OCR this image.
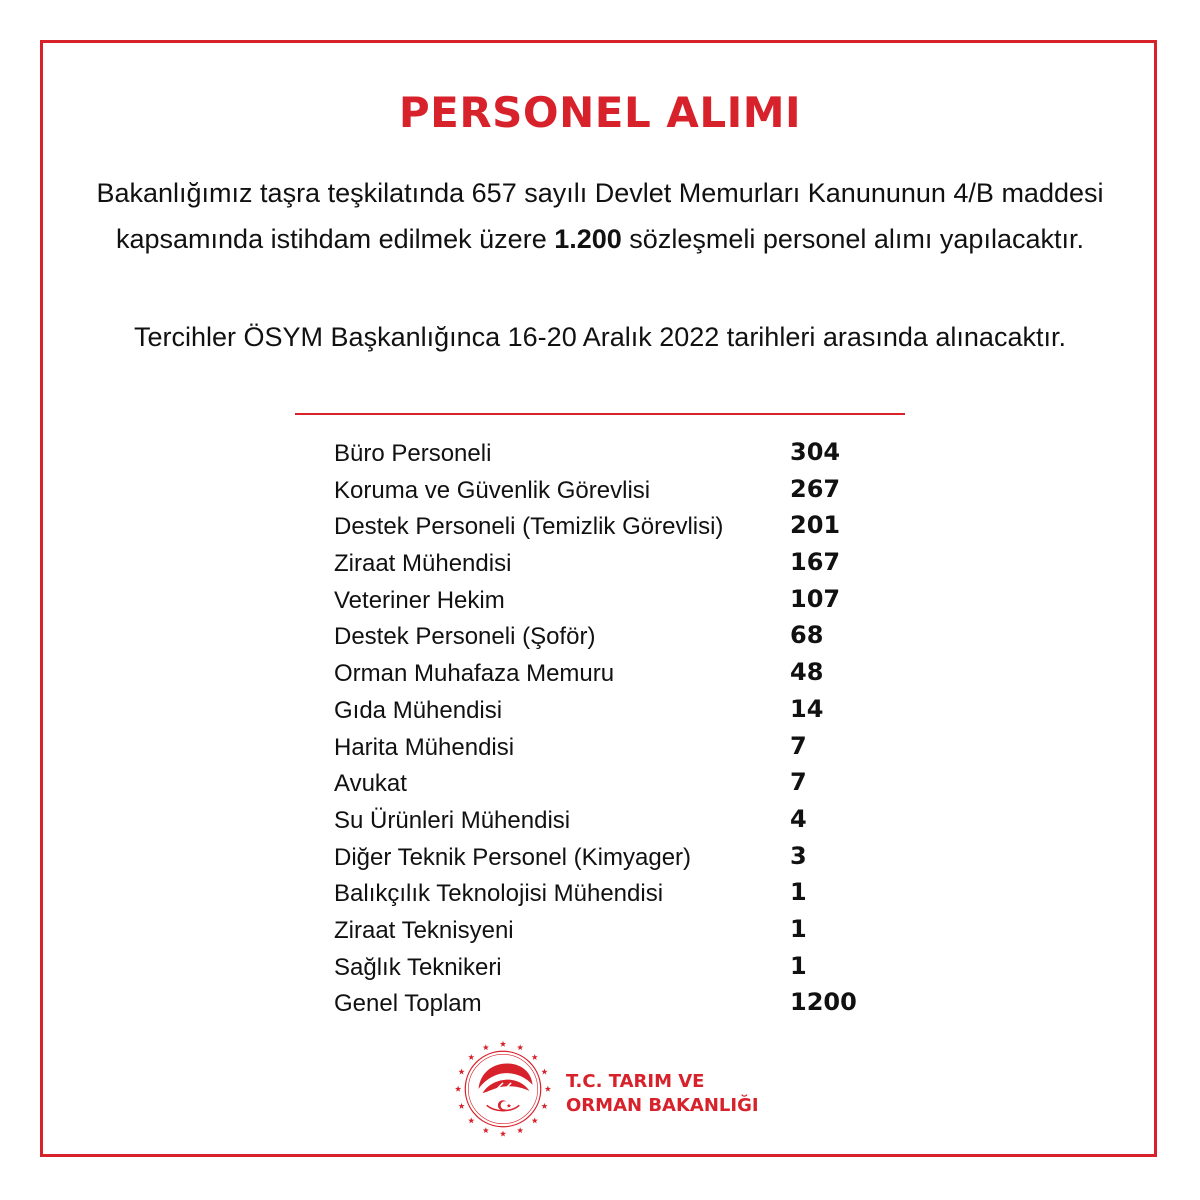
PERSONEL ALIMI
Bakanlığımız taşra teşkilatında 657 sayılı Devlet Memurları Kanununun 4/B maddesi kapsamında istihdam edilmek üzere 1.200 sözleşmeli personel alımı yapılacaktır.
Tercihler ÖSYM Başkanlığınca 16-20 Aralık 2022 tarihleri arasında alınacaktır.
Büro Personeli	304
Koruma ve Güvenlik Görevlisi	267
Destek Personeli (Temizlik Görevlisi)	201
Ziraat Mühendisi	167
Veteriner Hekim	107
Destek Personeli (Şoför)	68
Orman Muhafaza Memuru	48
Gıda Mühendisi	14
Harita Mühendisi	7
Avukat	7
Su Ürünleri Mühendisi	4
Diğer Teknik Personel (Kimyager)	3
Balıkçılık Teknolojisi Mühendisi	1
Ziraat Teknisyeni	1
Sağlık Teknikeri	1
Genel Toplam	1200
T.C. TARIM VE
ORMAN BAKANLIĞI
